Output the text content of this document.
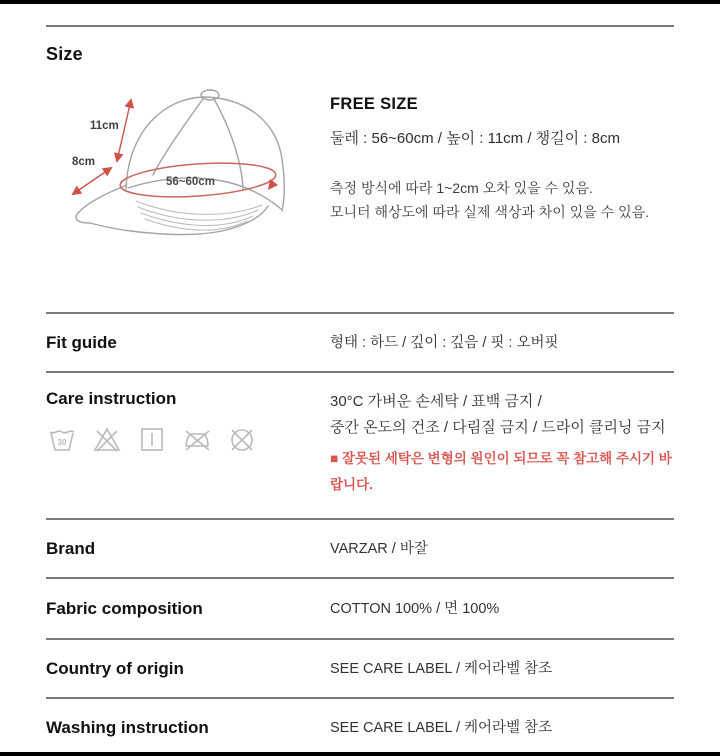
Size
11cm
8cm
56~60cm
FREE SIZE
둘레 : 56~60cm / 높이 : 11cm / 챙길이 : 8cm
측정 방식에 따라 1~2cm 오차 있을 수 있음.
모니터 해상도에 따라 실제 색상과 차이 있을 수 있음.
Fit guide	형태 : 하드 / 깊이 : 깊음 / 핏 : 오버핏
Care instruction
30
30°C 가벼운 손세탁 / 표백 금지 /
중간 온도의 건조 / 다림질 금지 / 드라이 클리닝 금지
■ 잘못된 세탁은 변형의 원인이 되므로 꼭 참고해 주시기 바랍니다.
Brand	VARZAR / 바잘
Fabric composition	COTTON 100% / 면 100%
Country of origin	SEE CARE LABEL / 케어라벨 참조
Washing instruction	SEE CARE LABEL / 케어라벨 참조
